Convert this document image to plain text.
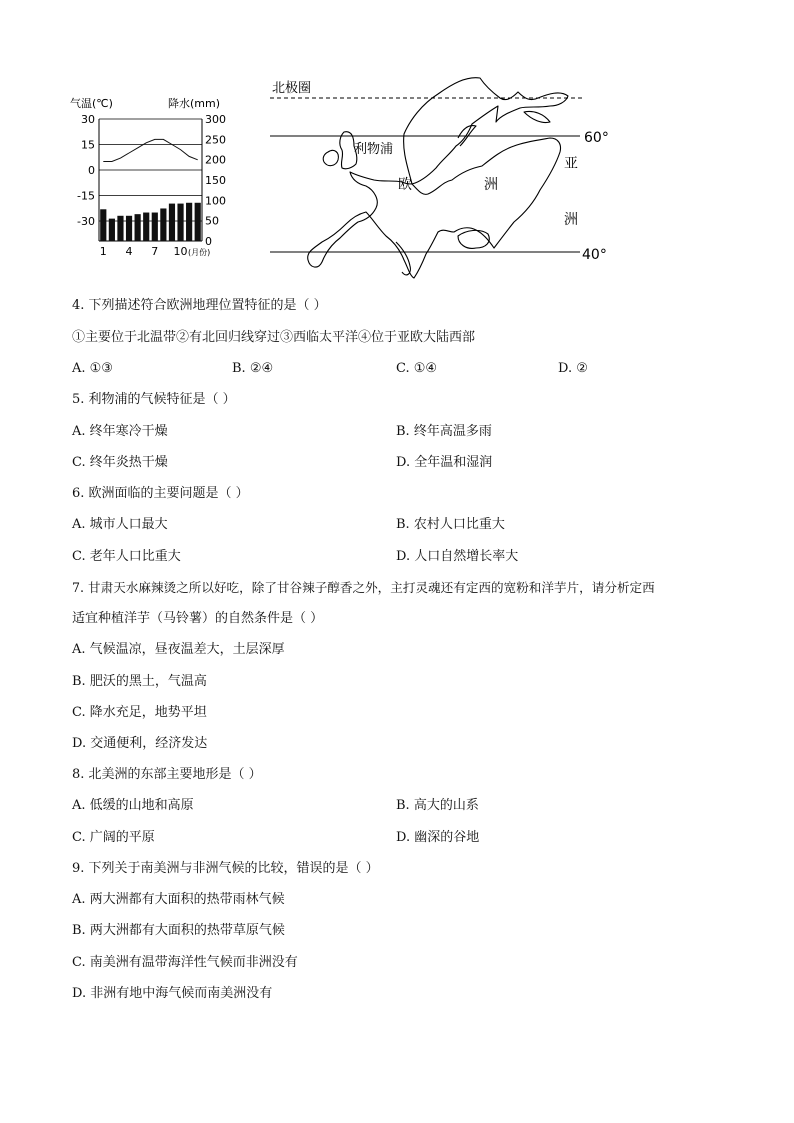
气温(℃)	降水(mm)
30
15
0
-15
-30
300
250
200
150
100
50
0
1 4 7 10 (月份)
北极圈
60°
40°
利物浦
欧	洲
亚
洲
4. 下列描述符合欧洲地理位置特征的是（ ）
①主要位于北温带②有北回归线穿过③西临太平洋④位于亚欧大陆西部
A. ①③	B. ②④	C. ①④	D. ②
5. 利物浦的气候特征是（ ）
A. 终年寒冷干燥	B. 终年高温多雨
C. 终年炎热干燥	D. 全年温和湿润
6. 欧洲面临的主要问题是（ ）
A. 城市人口最大	B. 农村人口比重大
C. 老年人口比重大	D. 人口自然增长率大
7. 甘肃天水麻辣烫之所以好吃，除了甘谷辣子醇香之外，主打灵魂还有定西的宽粉和洋芋片，请分析定西
适宜种植洋芋（马铃薯）的自然条件是（ ）
A. 气候温凉，昼夜温差大，土层深厚
B. 肥沃的黑土，气温高
C. 降水充足，地势平坦
D. 交通便利，经济发达
8. 北美洲的东部主要地形是（ ）
A. 低缓的山地和高原	B. 高大的山系
C. 广阔的平原	D. 幽深的谷地
9. 下列关于南美洲与非洲气候的比较，错误的是（ ）
A. 两大洲都有大面积的热带雨林气候
B. 两大洲都有大面积的热带草原气候
C. 南美洲有温带海洋性气候而非洲没有
D. 非洲有地中海气候而南美洲没有
